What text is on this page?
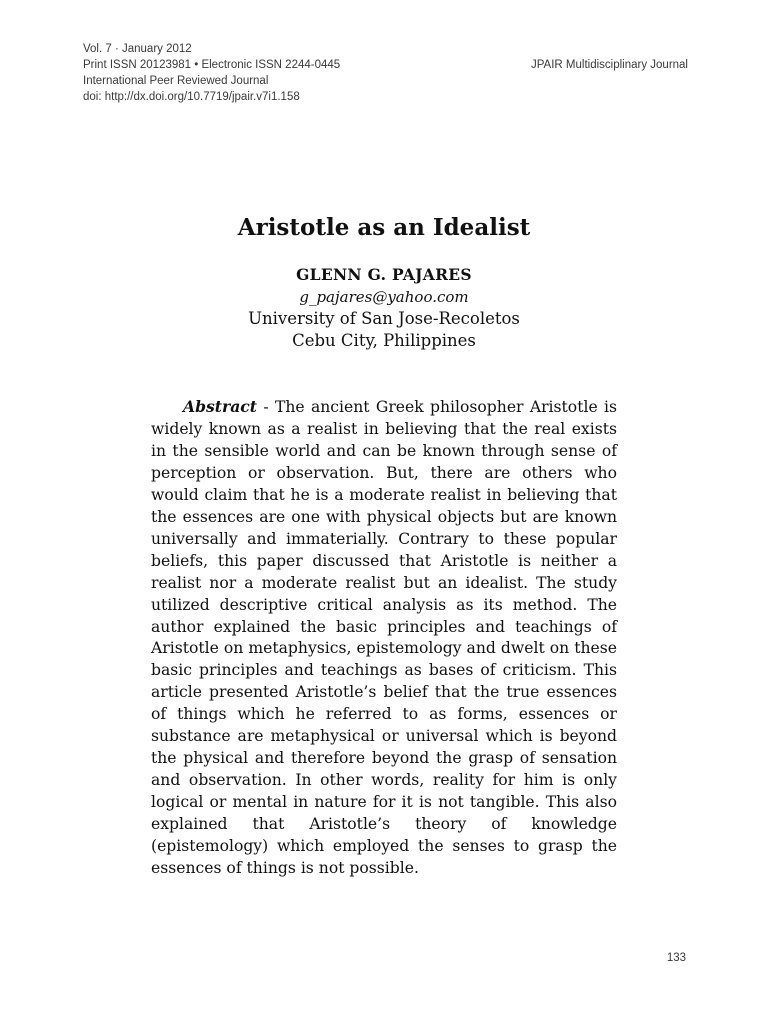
Vol. 7 · January 2012
Print ISSN 20123981 • Electronic ISSN 2244-0445
International Peer Reviewed Journal
doi: http://dx.doi.org/10.7719/jpair.v7i1.158
JPAIR Multidisciplinary Journal
Aristotle as an Idealist
GLENN G. PAJARES
g_pajares@yahoo.com
University of San Jose-Recoletos
Cebu City, Philippines

Abstract - The ancient Greek philosopher Aristotle is widely known as a realist in believing that the real exists in the sensible world and can be known through sense of perception or observation. But, there are others who would claim that he is a moderate realist in believing that the essences are one with physical objects but are known universally and immaterially. Contrary to these popular beliefs, this paper discussed that Aristotle is neither a realist nor a moderate realist but an idealist. The study utilized descriptive critical analysis as its method. The author explained the basic principles and teachings of Aristotle on metaphysics, epistemology and dwelt on these basic principles and teachings as bases of criticism. This article presented Aristotle’s belief that the true essences of things which he referred to as forms, essences or substance are metaphysical or universal which is beyond the physical and therefore beyond the grasp of sensation and observation. In other words, reality for him is only logical or mental in nature for it is not tangible. This also explained that Aristotle’s theory of knowledge (epistemology) which employed the senses to grasp the essences of things is not possible.

133
